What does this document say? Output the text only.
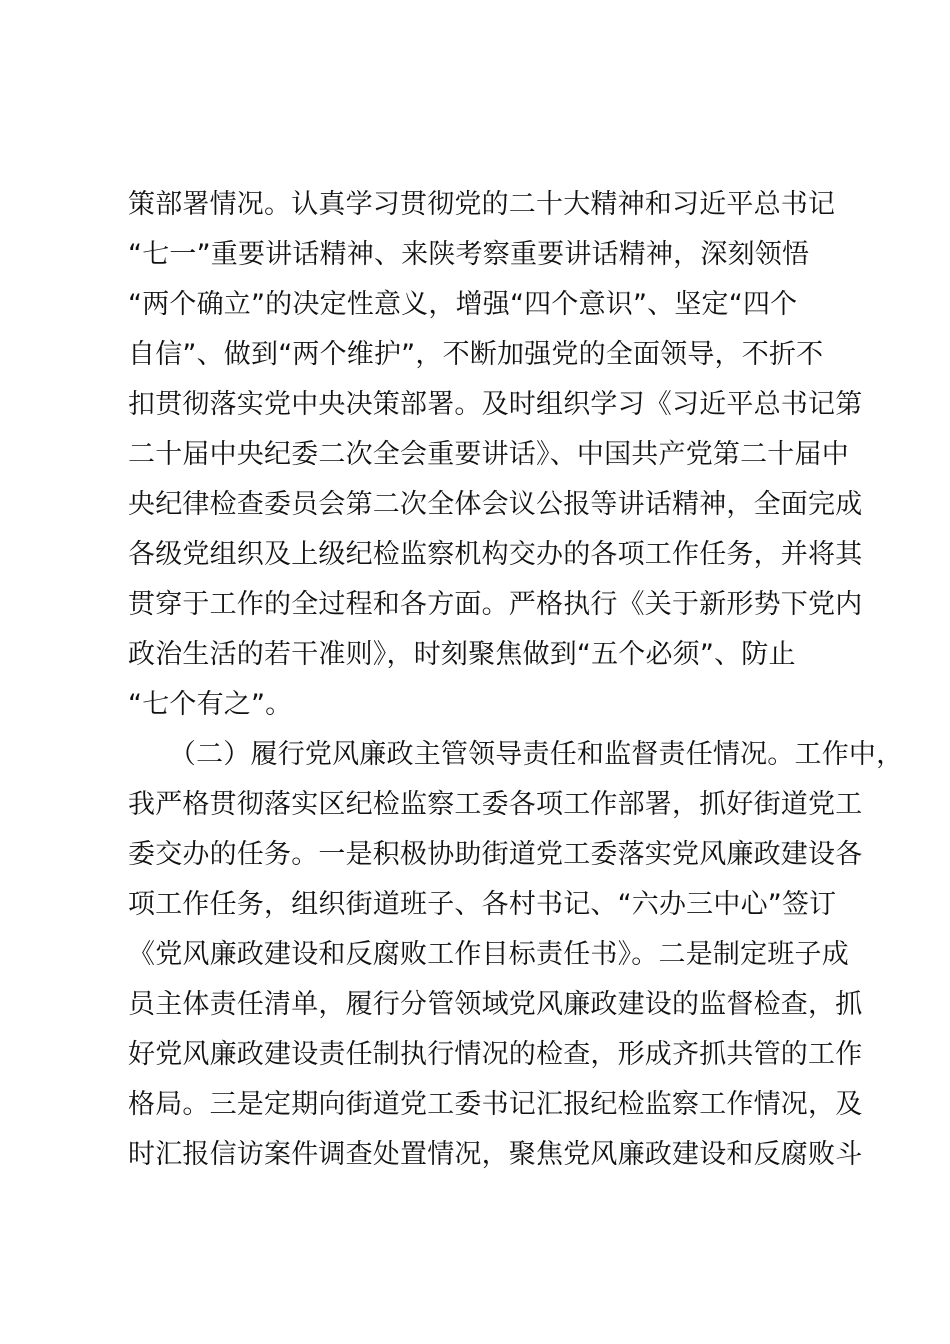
策部署情况。认真学习贯彻党的二十大精神和习近平总书记
“七一”重要讲话精神、来陕考察重要讲话精神，深刻领悟
“两个确立”的决定性意义，增强“四个意识”、坚定“四个
自信”、做到“两个维护”，不断加强党的全面领导，不折不
扣贯彻落实党中央决策部署。及时组织学习《习近平总书记第
二十届中央纪委二次全会重要讲话》、中国共产党第二十届中
央纪律检查委员会第二次全体会议公报等讲话精神，全面完成
各级党组织及上级纪检监察机构交办的各项工作任务，并将其
贯穿于工作的全过程和各方面。严格执行《关于新形势下党内
政治生活的若干准则》，时刻聚焦做到“五个必须”、防止
“七个有之”。
　　（二）履行党风廉政主管领导责任和监督责任情况。工作中，
我严格贯彻落实区纪检监察工委各项工作部署，抓好街道党工
委交办的任务。一是积极协助街道党工委落实党风廉政建设各
项工作任务，组织街道班子、各村书记、“六办三中心”签订
《党风廉政建设和反腐败工作目标责任书》。二是制定班子成
员主体责任清单，履行分管领域党风廉政建设的监督检查，抓
好党风廉政建设责任制执行情况的检查，形成齐抓共管的工作
格局。三是定期向街道党工委书记汇报纪检监察工作情况，及
时汇报信访案件调查处置情况，聚焦党风廉政建设和反腐败斗
